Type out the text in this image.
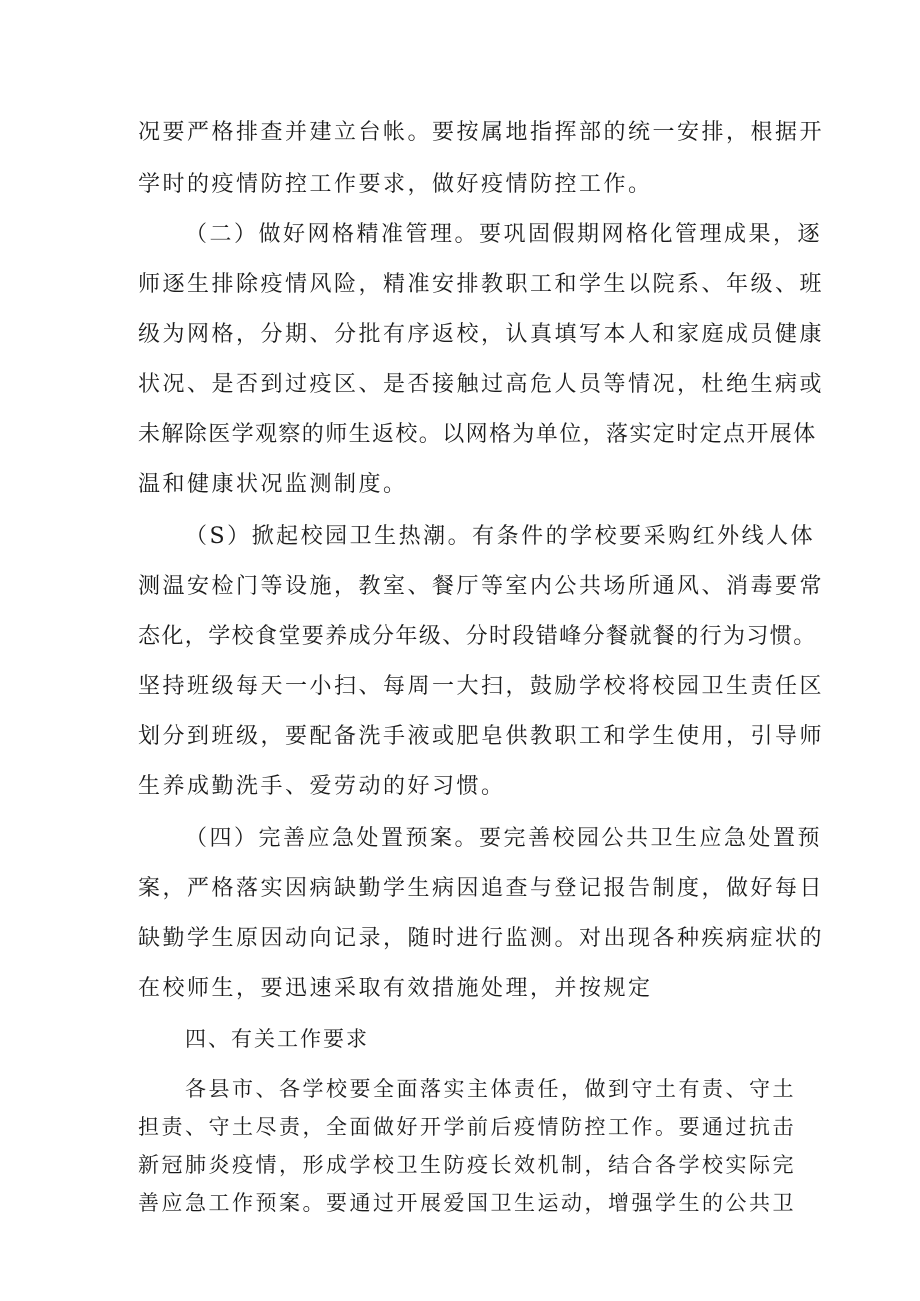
况要严格排查并建立台帐。要按属地指挥部的统一安排，根据开
学时的疫情防控工作要求，做好疫情防控工作。
（二）做好网格精准管理。要巩固假期网格化管理成果，逐
师逐生排除疫情风险，精准安排教职工和学生以院系、年级、班
级为网格，分期、分批有序返校，认真填写本人和家庭成员健康
状况、是否到过疫区、是否接触过高危人员等情况，杜绝生病或
未解除医学观察的师生返校。以网格为单位，落实定时定点开展体
温和健康状况监测制度。
（S）掀起校园卫生热潮。有条件的学校要采购红外线人体
测温安检门等设施，教室、餐厅等室内公共场所通风、消毒要常
态化，学校食堂要养成分年级、分时段错峰分餐就餐的行为习惯。
坚持班级每天一小扫、每周一大扫，鼓励学校将校园卫生责任区
划分到班级，要配备洗手液或肥皂供教职工和学生使用，引导师
生养成勤洗手、爱劳动的好习惯。
（四）完善应急处置预案。要完善校园公共卫生应急处置预
案，严格落实因病缺勤学生病因追查与登记报告制度，做好每日
缺勤学生原因动向记录，随时进行监测。对出现各种疾病症状的
在校师生，要迅速采取有效措施处理，并按规定
四、有关工作要求
各县市、各学校要全面落实主体责任，做到守土有责、守土
担责、守土尽责，全面做好开学前后疫情防控工作。要通过抗击
新冠肺炎疫情，形成学校卫生防疫长效机制，结合各学校实际完
善应急工作预案。要通过开展爱国卫生运动，增强学生的公共卫
